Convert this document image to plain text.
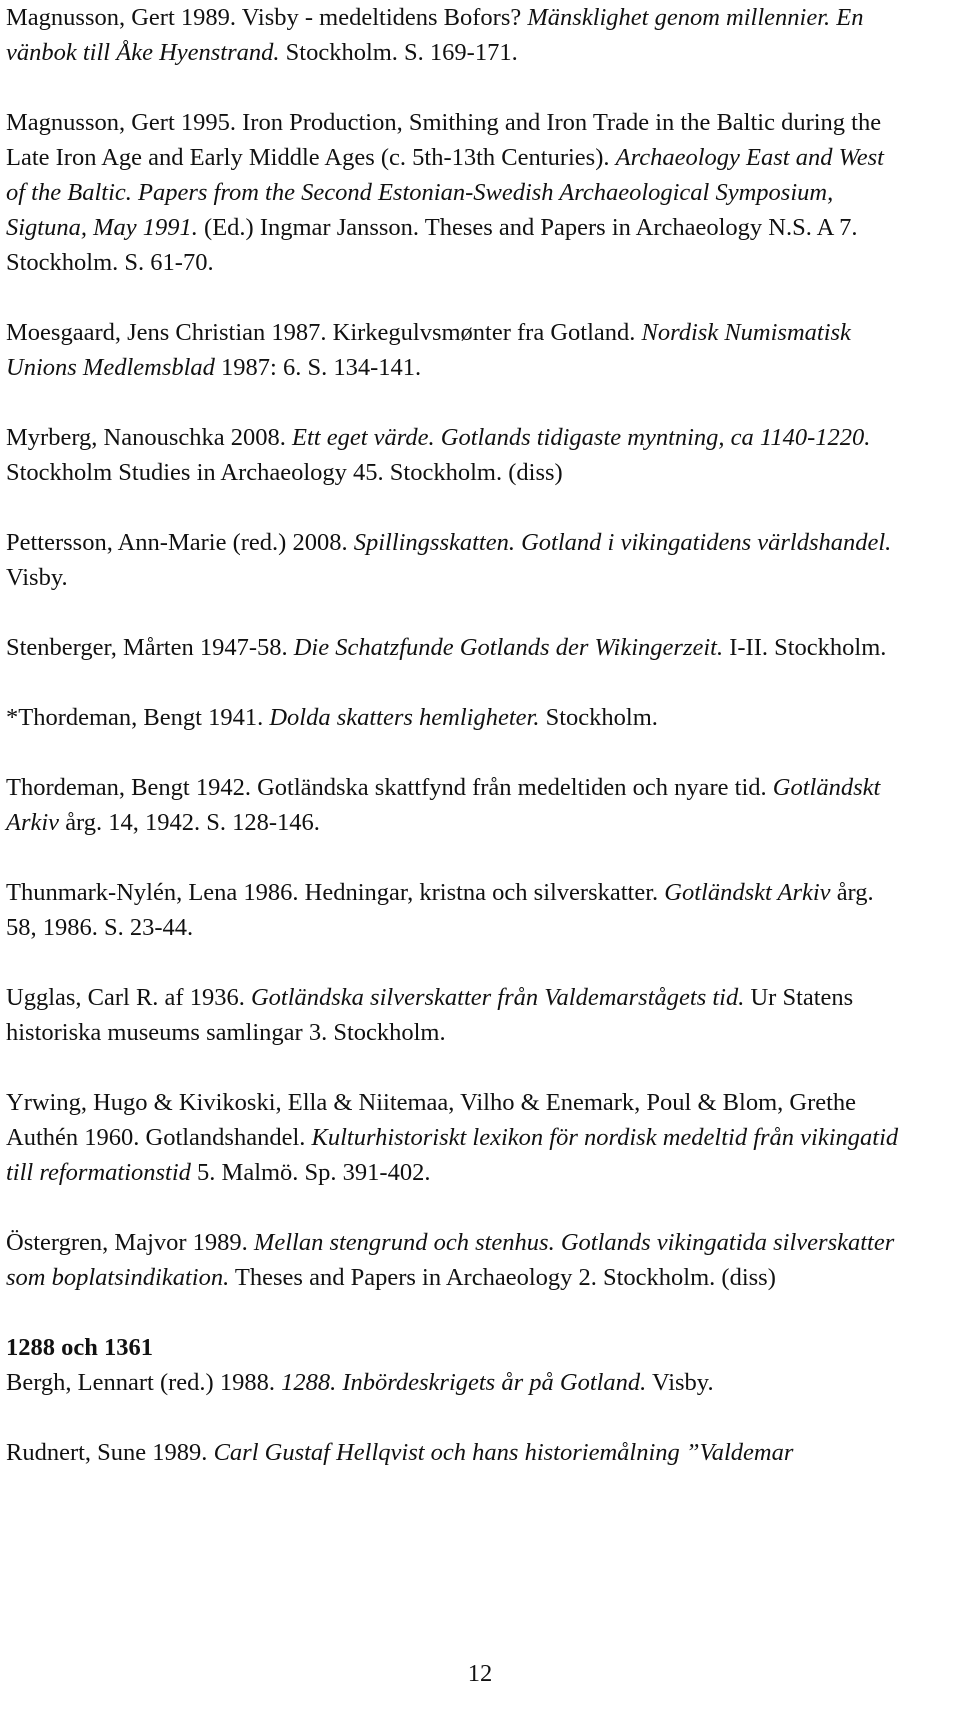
Magnusson, Gert 1989. Visby - medeltidens Bofors? Mänsklighet genom millennier. En vänbok till Åke Hyenstrand. Stockholm. S. 169-171.

Magnusson, Gert 1995. Iron Production, Smithing and Iron Trade in the Baltic during the Late Iron Age and Early Middle Ages (c. 5th-13th Centuries). Archaeology East and West of the Baltic. Papers from the Second Estonian-Swedish Archaeological Symposium, Sigtuna, May 1991. (Ed.) Ingmar Jansson. Theses and Papers in Archaeology N.S. A 7. Stockholm. S. 61-70.

Moesgaard, Jens Christian 1987. Kirkegulvsmønter fra Gotland. Nordisk Numismatisk Unions Medlemsblad 1987: 6. S. 134-141.

Myrberg, Nanouschka 2008. Ett eget värde. Gotlands tidigaste myntning, ca 1140-1220. Stockholm Studies in Archaeology 45. Stockholm. (diss)

Pettersson, Ann-Marie (red.) 2008. Spillingsskatten. Gotland i vikingatidens världshandel. Visby.

Stenberger, Mårten 1947-58. Die Schatzfunde Gotlands der Wikingerzeit. I-II. Stockholm.

*Thordeman, Bengt 1941. Dolda skatters hemligheter. Stockholm.

Thordeman, Bengt 1942. Gotländska skattfynd från medeltiden och nyare tid. Gotländskt Arkiv årg. 14, 1942. S. 128-146.

Thunmark-Nylén, Lena 1986. Hedningar, kristna och silverskatter. Gotländskt Arkiv årg. 58, 1986. S. 23-44.

Ugglas, Carl R. af 1936. Gotländska silverskatter från Valdemarstågets tid. Ur Statens historiska museums samlingar 3. Stockholm.

Yrwing, Hugo & Kivikoski, Ella & Niitemaa, Vilho & Enemark, Poul & Blom, Grethe Authén 1960. Gotlandshandel. Kulturhistoriskt lexikon för nordisk medeltid från vikingatid till reformationstid 5. Malmö. Sp. 391-402.

Östergren, Majvor 1989. Mellan stengrund och stenhus. Gotlands vikingatida silverskatter som boplatsindikation. Theses and Papers in Archaeology 2. Stockholm. (diss)

1288 och 1361

Bergh, Lennart (red.) 1988. 1288. Inbördeskrigets år på Gotland. Visby.

Rudnert, Sune 1989. Carl Gustaf Hellqvist och hans historiemålning ”Valdemar

12
